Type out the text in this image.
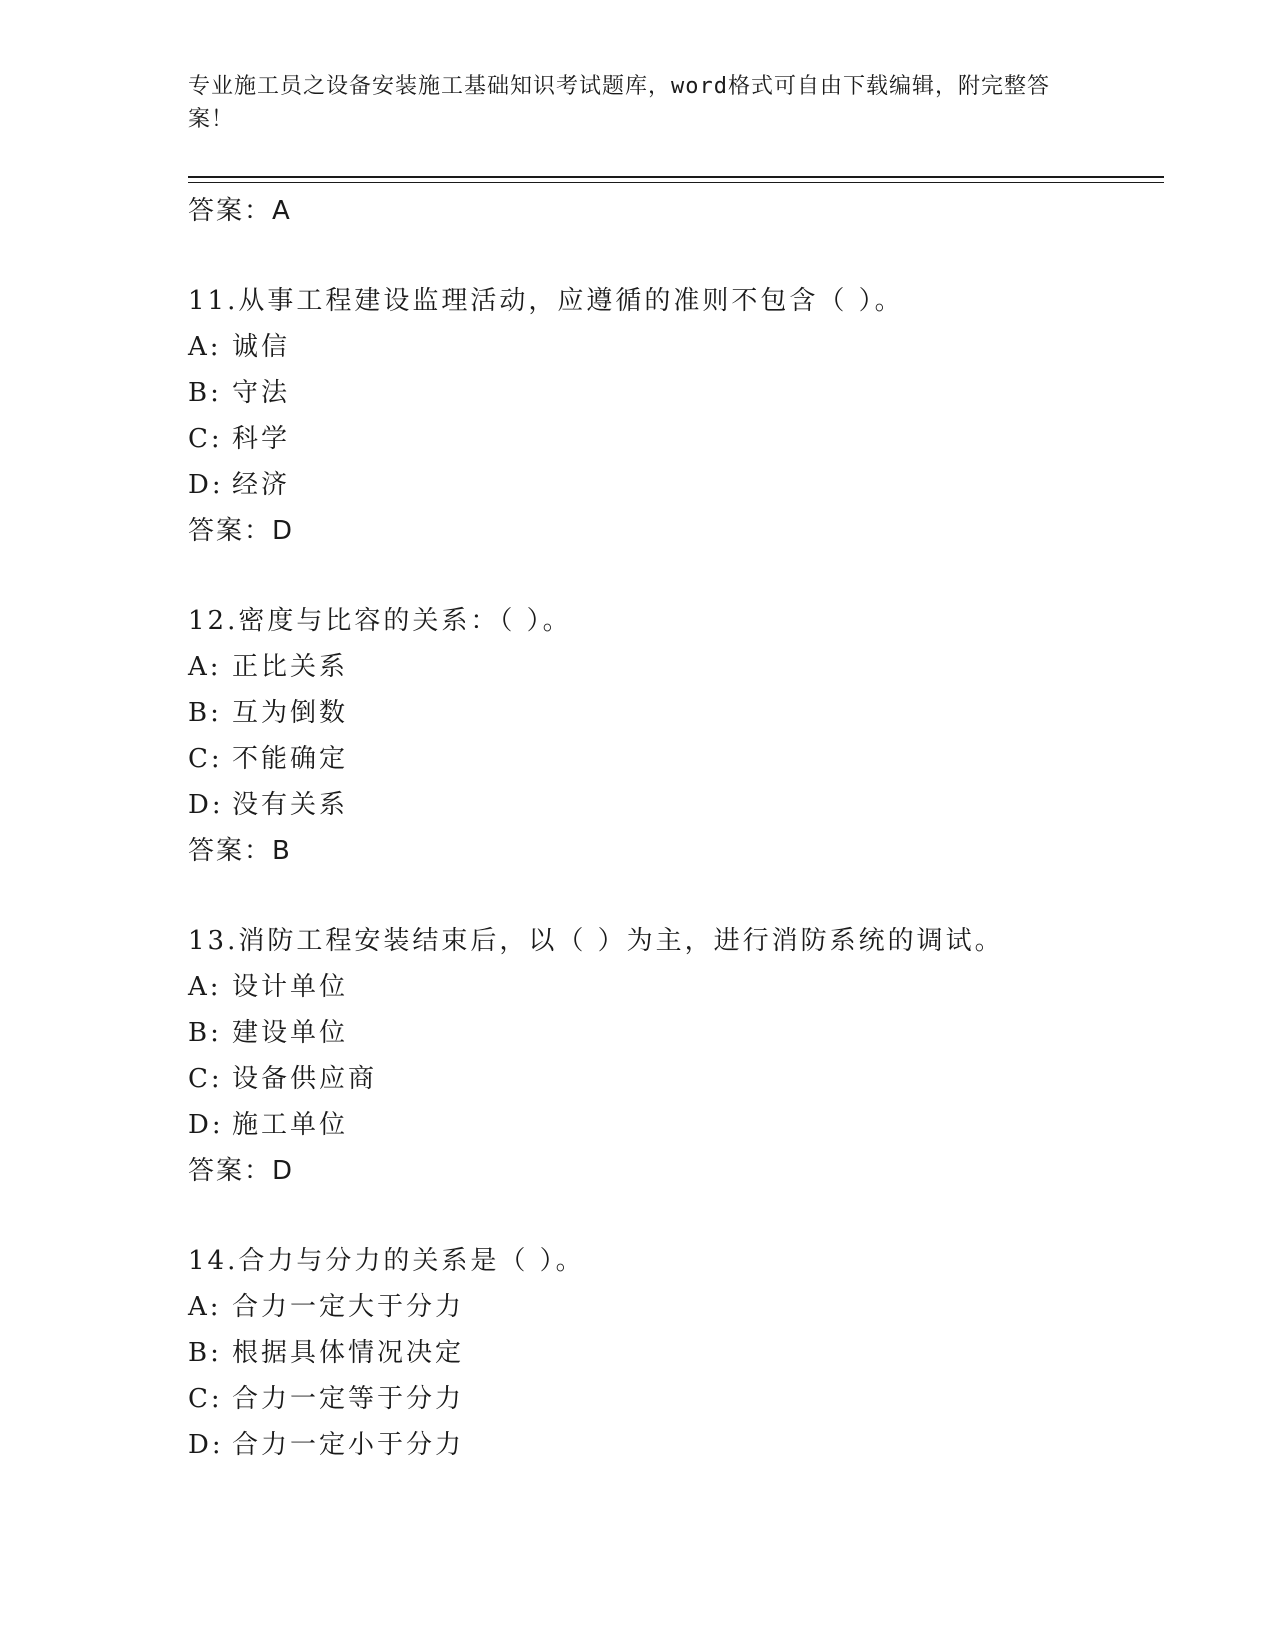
专业施工员之设备安装施工基础知识考试题库，word格式可自由下载编辑，附完整答案！
答案：A
11.从事工程建设监理活动，应遵循的准则不包含（ ）。
A: 诚信
B: 守法
C: 科学
D: 经济
答案：D
12.密度与比容的关系：（ ）。
A: 正比关系
B: 互为倒数
C: 不能确定
D: 没有关系
答案：B
13.消防工程安装结束后，以（ ）为主，进行消防系统的调试。
A: 设计单位
B: 建设单位
C: 设备供应商
D: 施工单位
答案：D
14.合力与分力的关系是（ ）。
A: 合力一定大于分力
B: 根据具体情况决定
C: 合力一定等于分力
D: 合力一定小于分力
